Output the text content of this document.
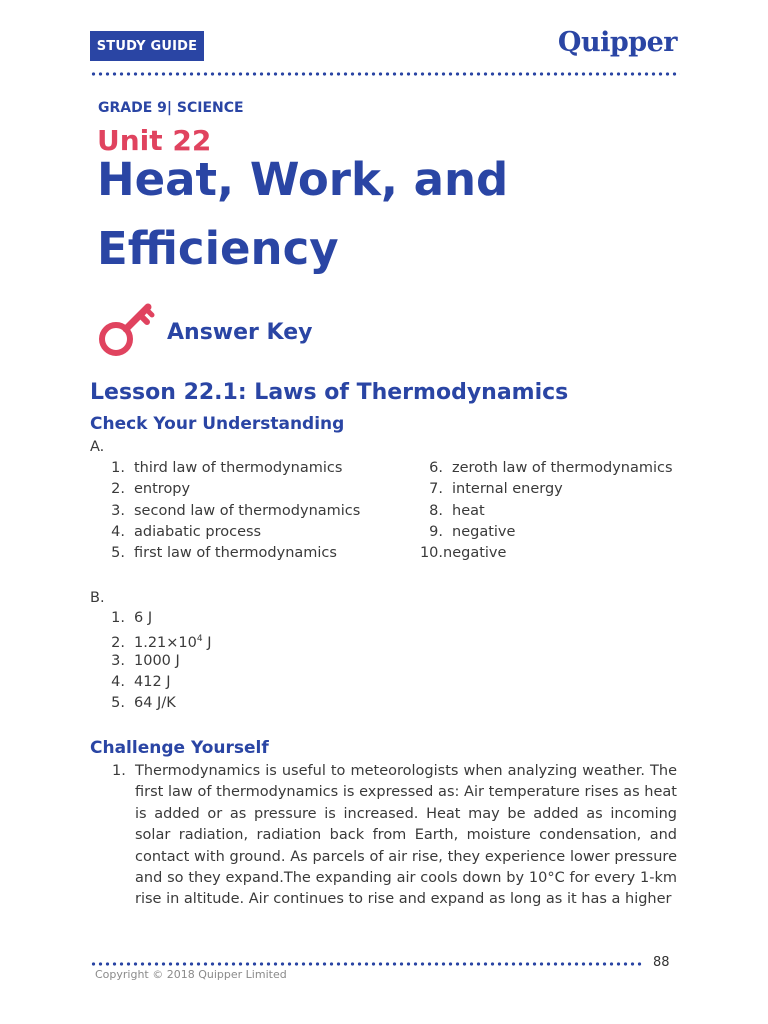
STUDY GUIDE	Quipper
GRADE 9| SCIENCE
Unit 22
Heat, Work, and
Efficiency
Answer Key
Lesson 22.1: Laws of Thermodynamics
Check Your Understanding
A.
1. third law of thermodynamics
2. entropy
3. second law of thermodynamics
4. adiabatic process
5. first law of thermodynamics
6. zeroth law of thermodynamics
7. internal energy
8. heat
9. negative
10.negative
B.
1. 6 J
2. $1.21\times 10^4$ J
3. 1000 J
4. 412 J
5. 64 J/K
Challenge Yourself
1. Thermodynamics is useful to meteorologists when analyzing weather. The first law of thermodynamics is expressed as: Air temperature rises as heat is added or as pressure is increased. Heat may be added as incoming solar radiation, radiation back from Earth, moisture condensation, and contact with ground. As parcels of air rise, they experience lower pressure and so they expand.The expanding air cools down by 10°C for every 1-km rise in altitude. Air continues to rise and expand as long as it has a higher
88
Copyright © 2018 Quipper Limited
